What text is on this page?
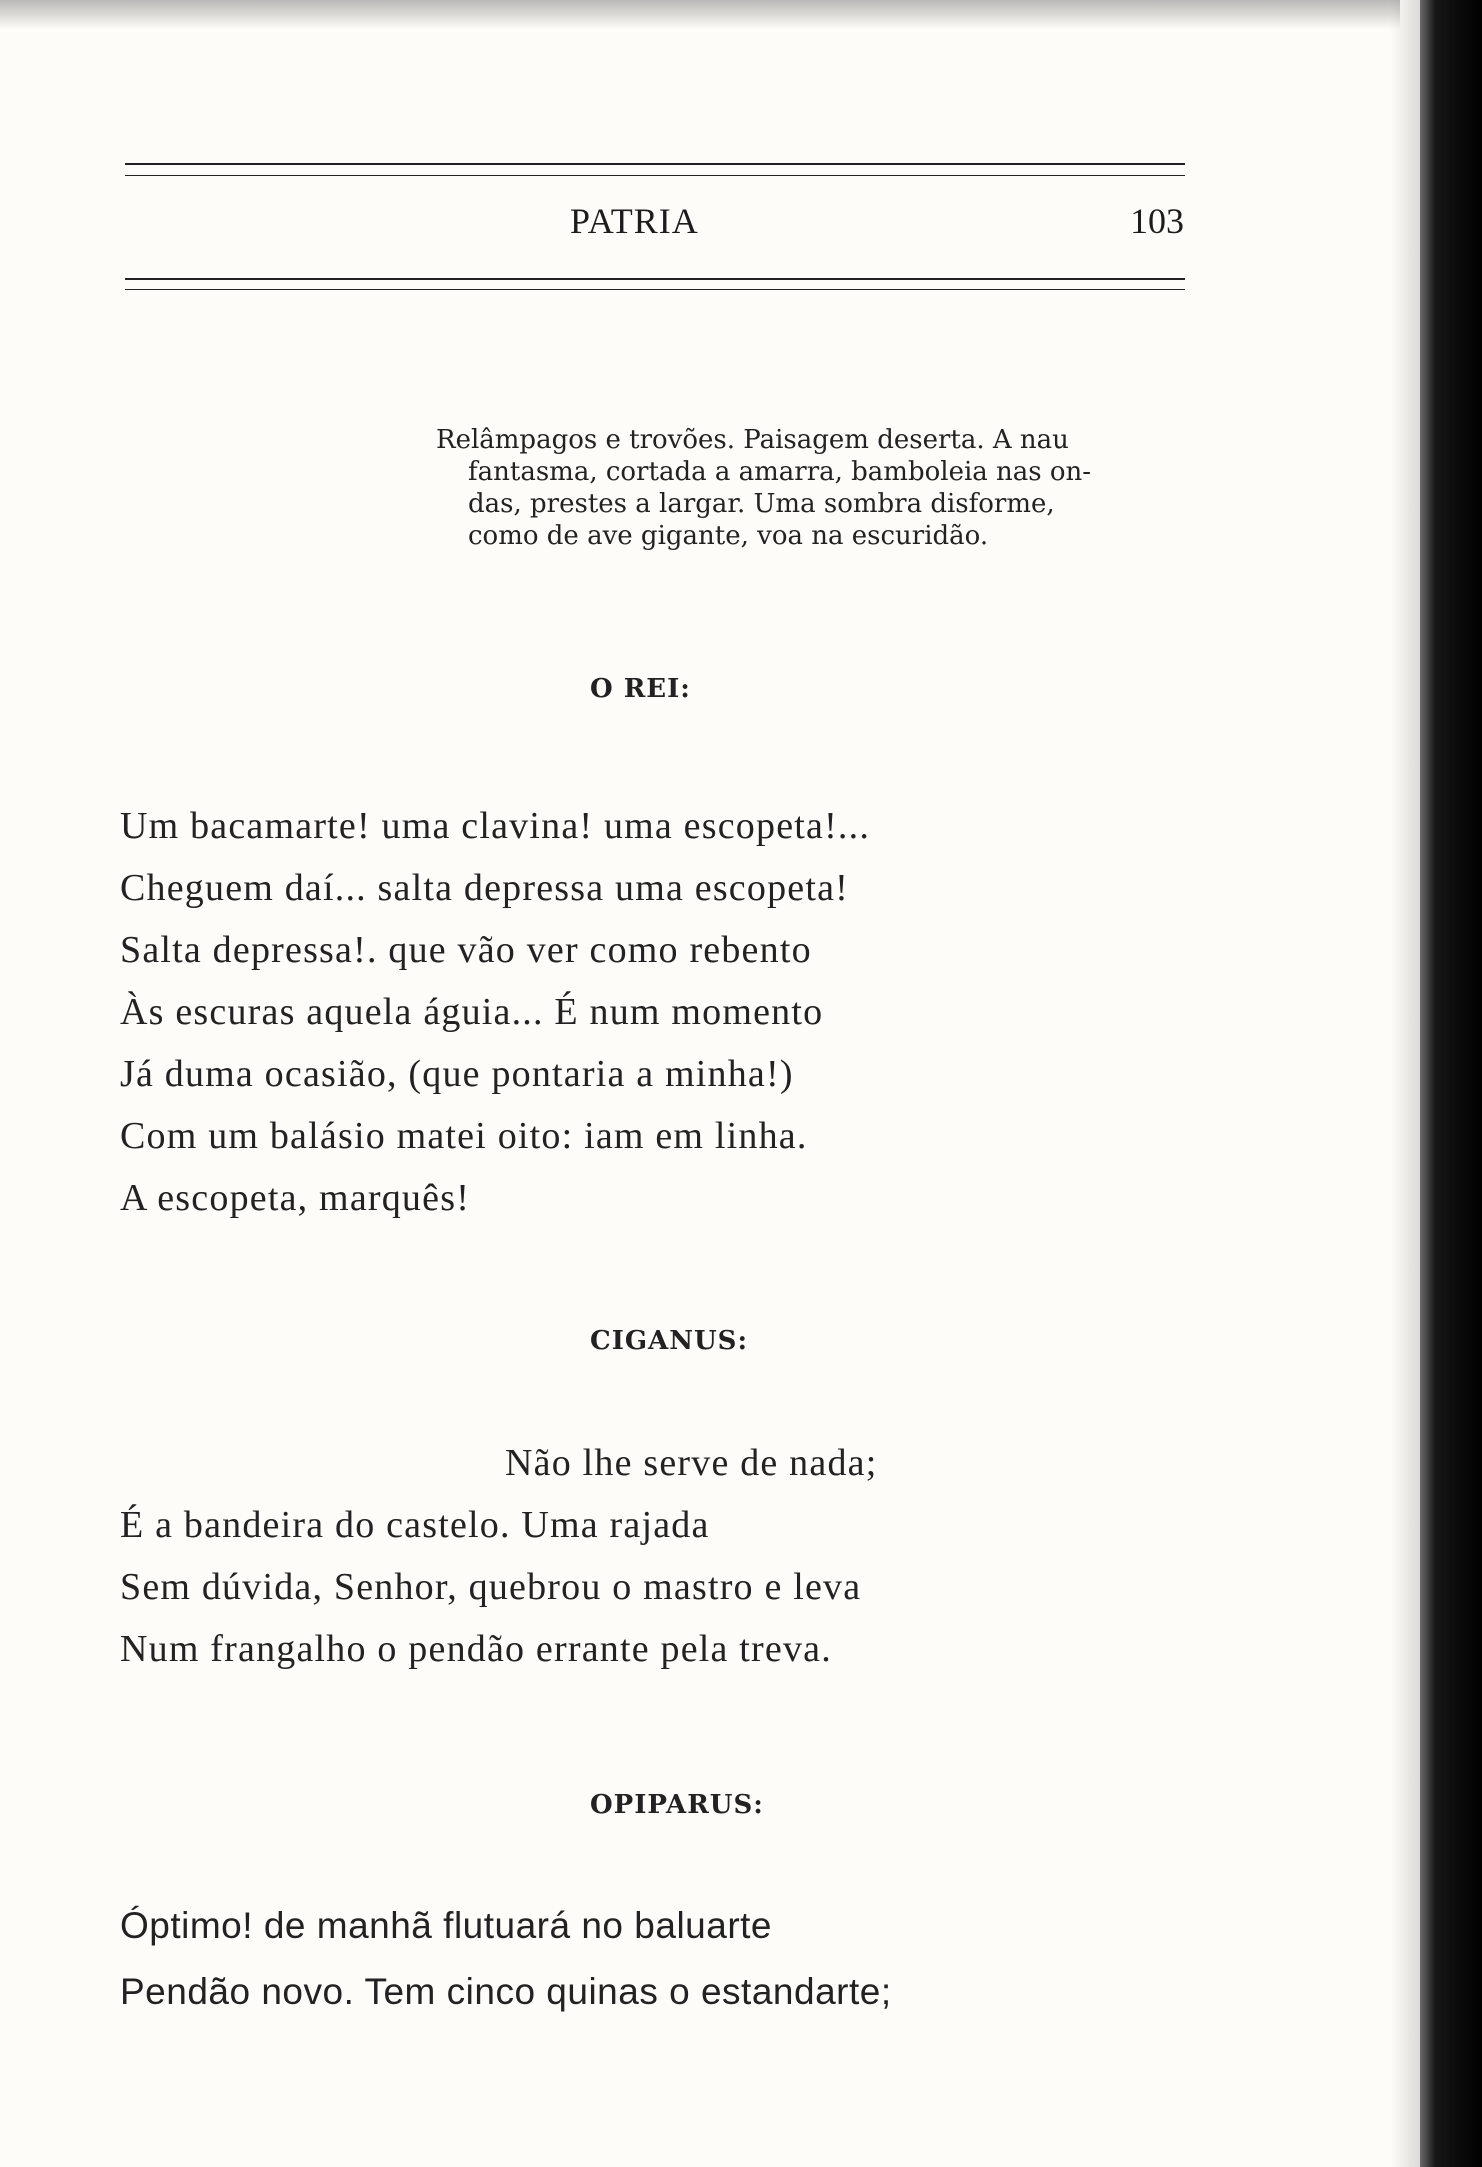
PATRIA	103
Relâmpagos e trovões. Paisagem deserta. A nau
fantasma, cortada a amarra, bamboleia nas on-
das, prestes a largar. Uma sombra disforme,
como de ave gigante, voa na escuridão.
O REI:
Um bacamarte! uma clavina! uma escopeta!...
Cheguem daí... salta depressa uma escopeta!
Salta depressa!. que vão ver como rebento
Às escuras aquela águia... É num momento
Já duma ocasião, (que pontaria a minha!)
Com um balásio matei oito: iam em linha.
A escopeta, marquês!
CIGANUS:
Não lhe serve de nada;
É a bandeira do castelo. Uma rajada
Sem dúvida, Senhor, quebrou o mastro e leva
Num frangalho o pendão errante pela treva.
OPIPARUS:
Óptimo! de manhã flutuará no baluarte
Pendão novo. Tem cinco quinas o estandarte;
